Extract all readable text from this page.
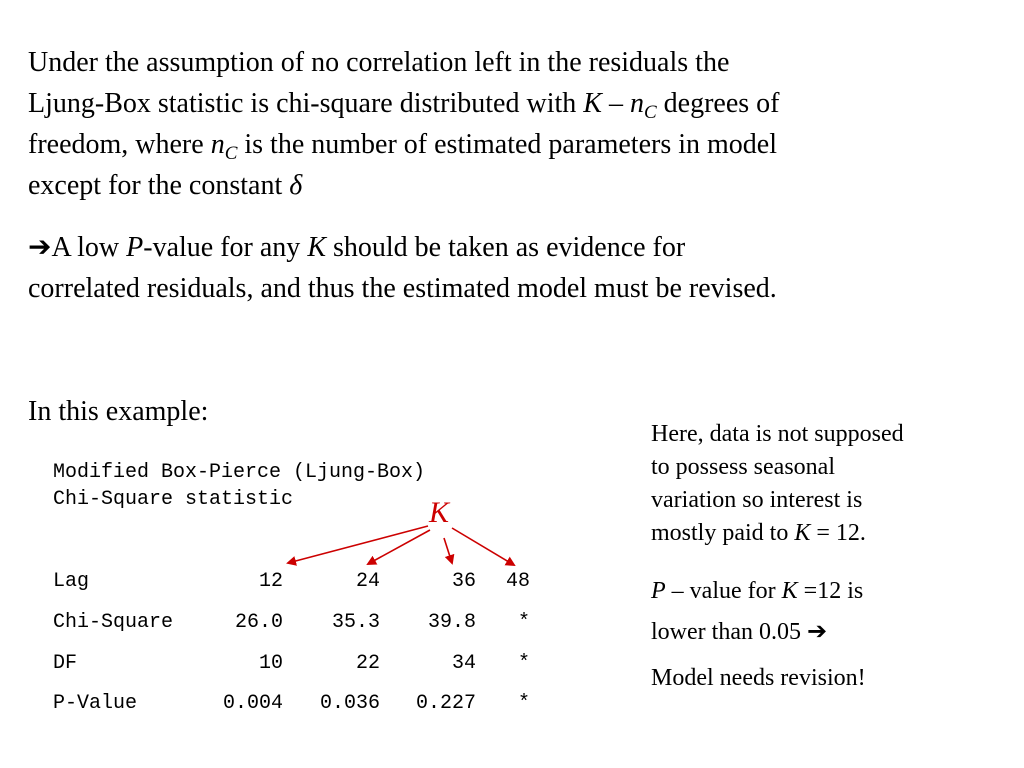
Under the assumption of no correlation left in the residuals the
Ljung-Box statistic is chi-square distributed with K – $n_C$ degrees of
freedom, where $n_C$ is the number of estimated parameters in model
except for the constant δ
➔A low P-value for any K should be taken as evidence for
correlated residuals, and thus the estimated model must be revised.
In this example:
Modified Box-Pierce (Ljung-Box)
Chi-Square statistic	K
Lag	12	24	36	48
Chi-Square	26.0	35.3	39.8	*
DF	10	22	34	*
P-Value	0.004	0.036	0.227	*
Here, data is not supposed
to possess seasonal
variation so interest is
mostly paid to K = 12.
P – value for K =12 is
lower than 0.05 ➔
Model needs revision!
